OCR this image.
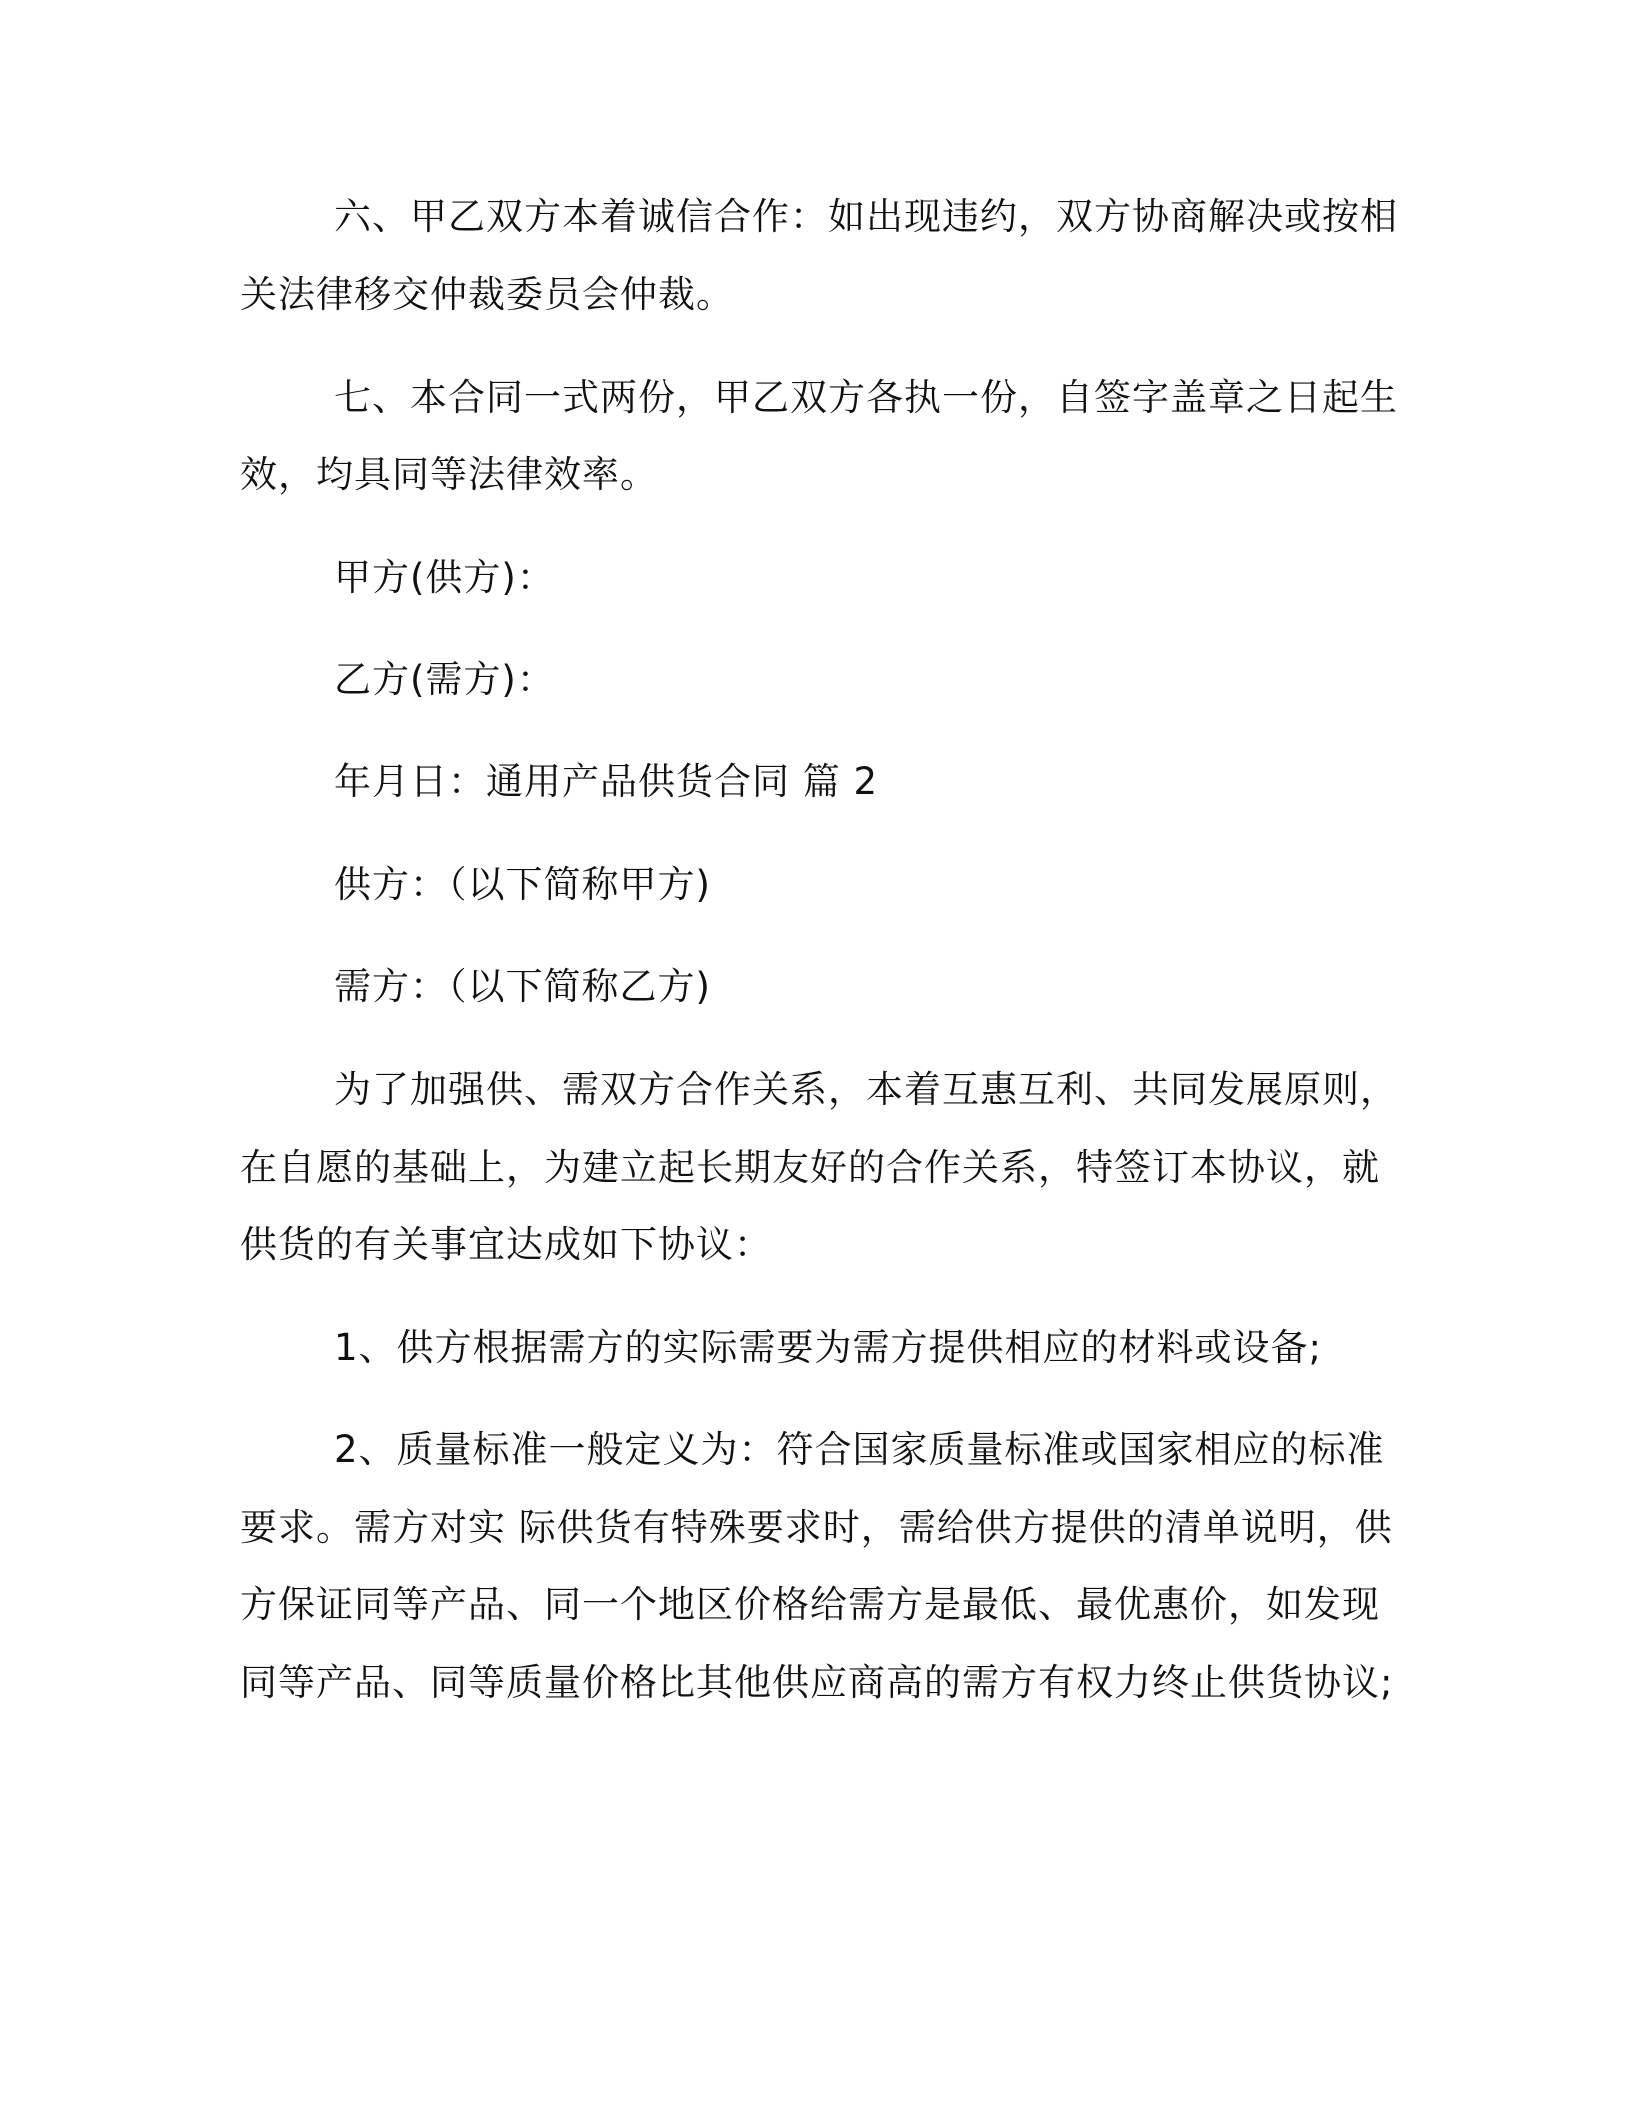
六、甲乙双方本着诚信合作：如出现违约，双方协商解决或按相
关法律移交仲裁委员会仲裁。
七、本合同一式两份，甲乙双方各执一份，自签字盖章之日起生
效，均具同等法律效率。
甲方(供方)：
乙方(需方)：
年月日：通用产品供货合同 篇 2
供方：（以下简称甲方)
需方：（以下简称乙方)
为了加强供、需双方合作关系，本着互惠互利、共同发展原则，
在自愿的基础上，为建立起长期友好的合作关系，特签订本协议，就
供货的有关事宜达成如下协议：
1、供方根据需方的实际需要为需方提供相应的材料或设备;
2、质量标准一般定义为：符合国家质量标准或国家相应的标准
要求。需方对实 际供货有特殊要求时，需给供方提供的清单说明，供
方保证同等产品、同一个地区价格给需方是最低、最优惠价，如发现
同等产品、同等质量价格比其他供应商高的需方有权力终止供货协议;
